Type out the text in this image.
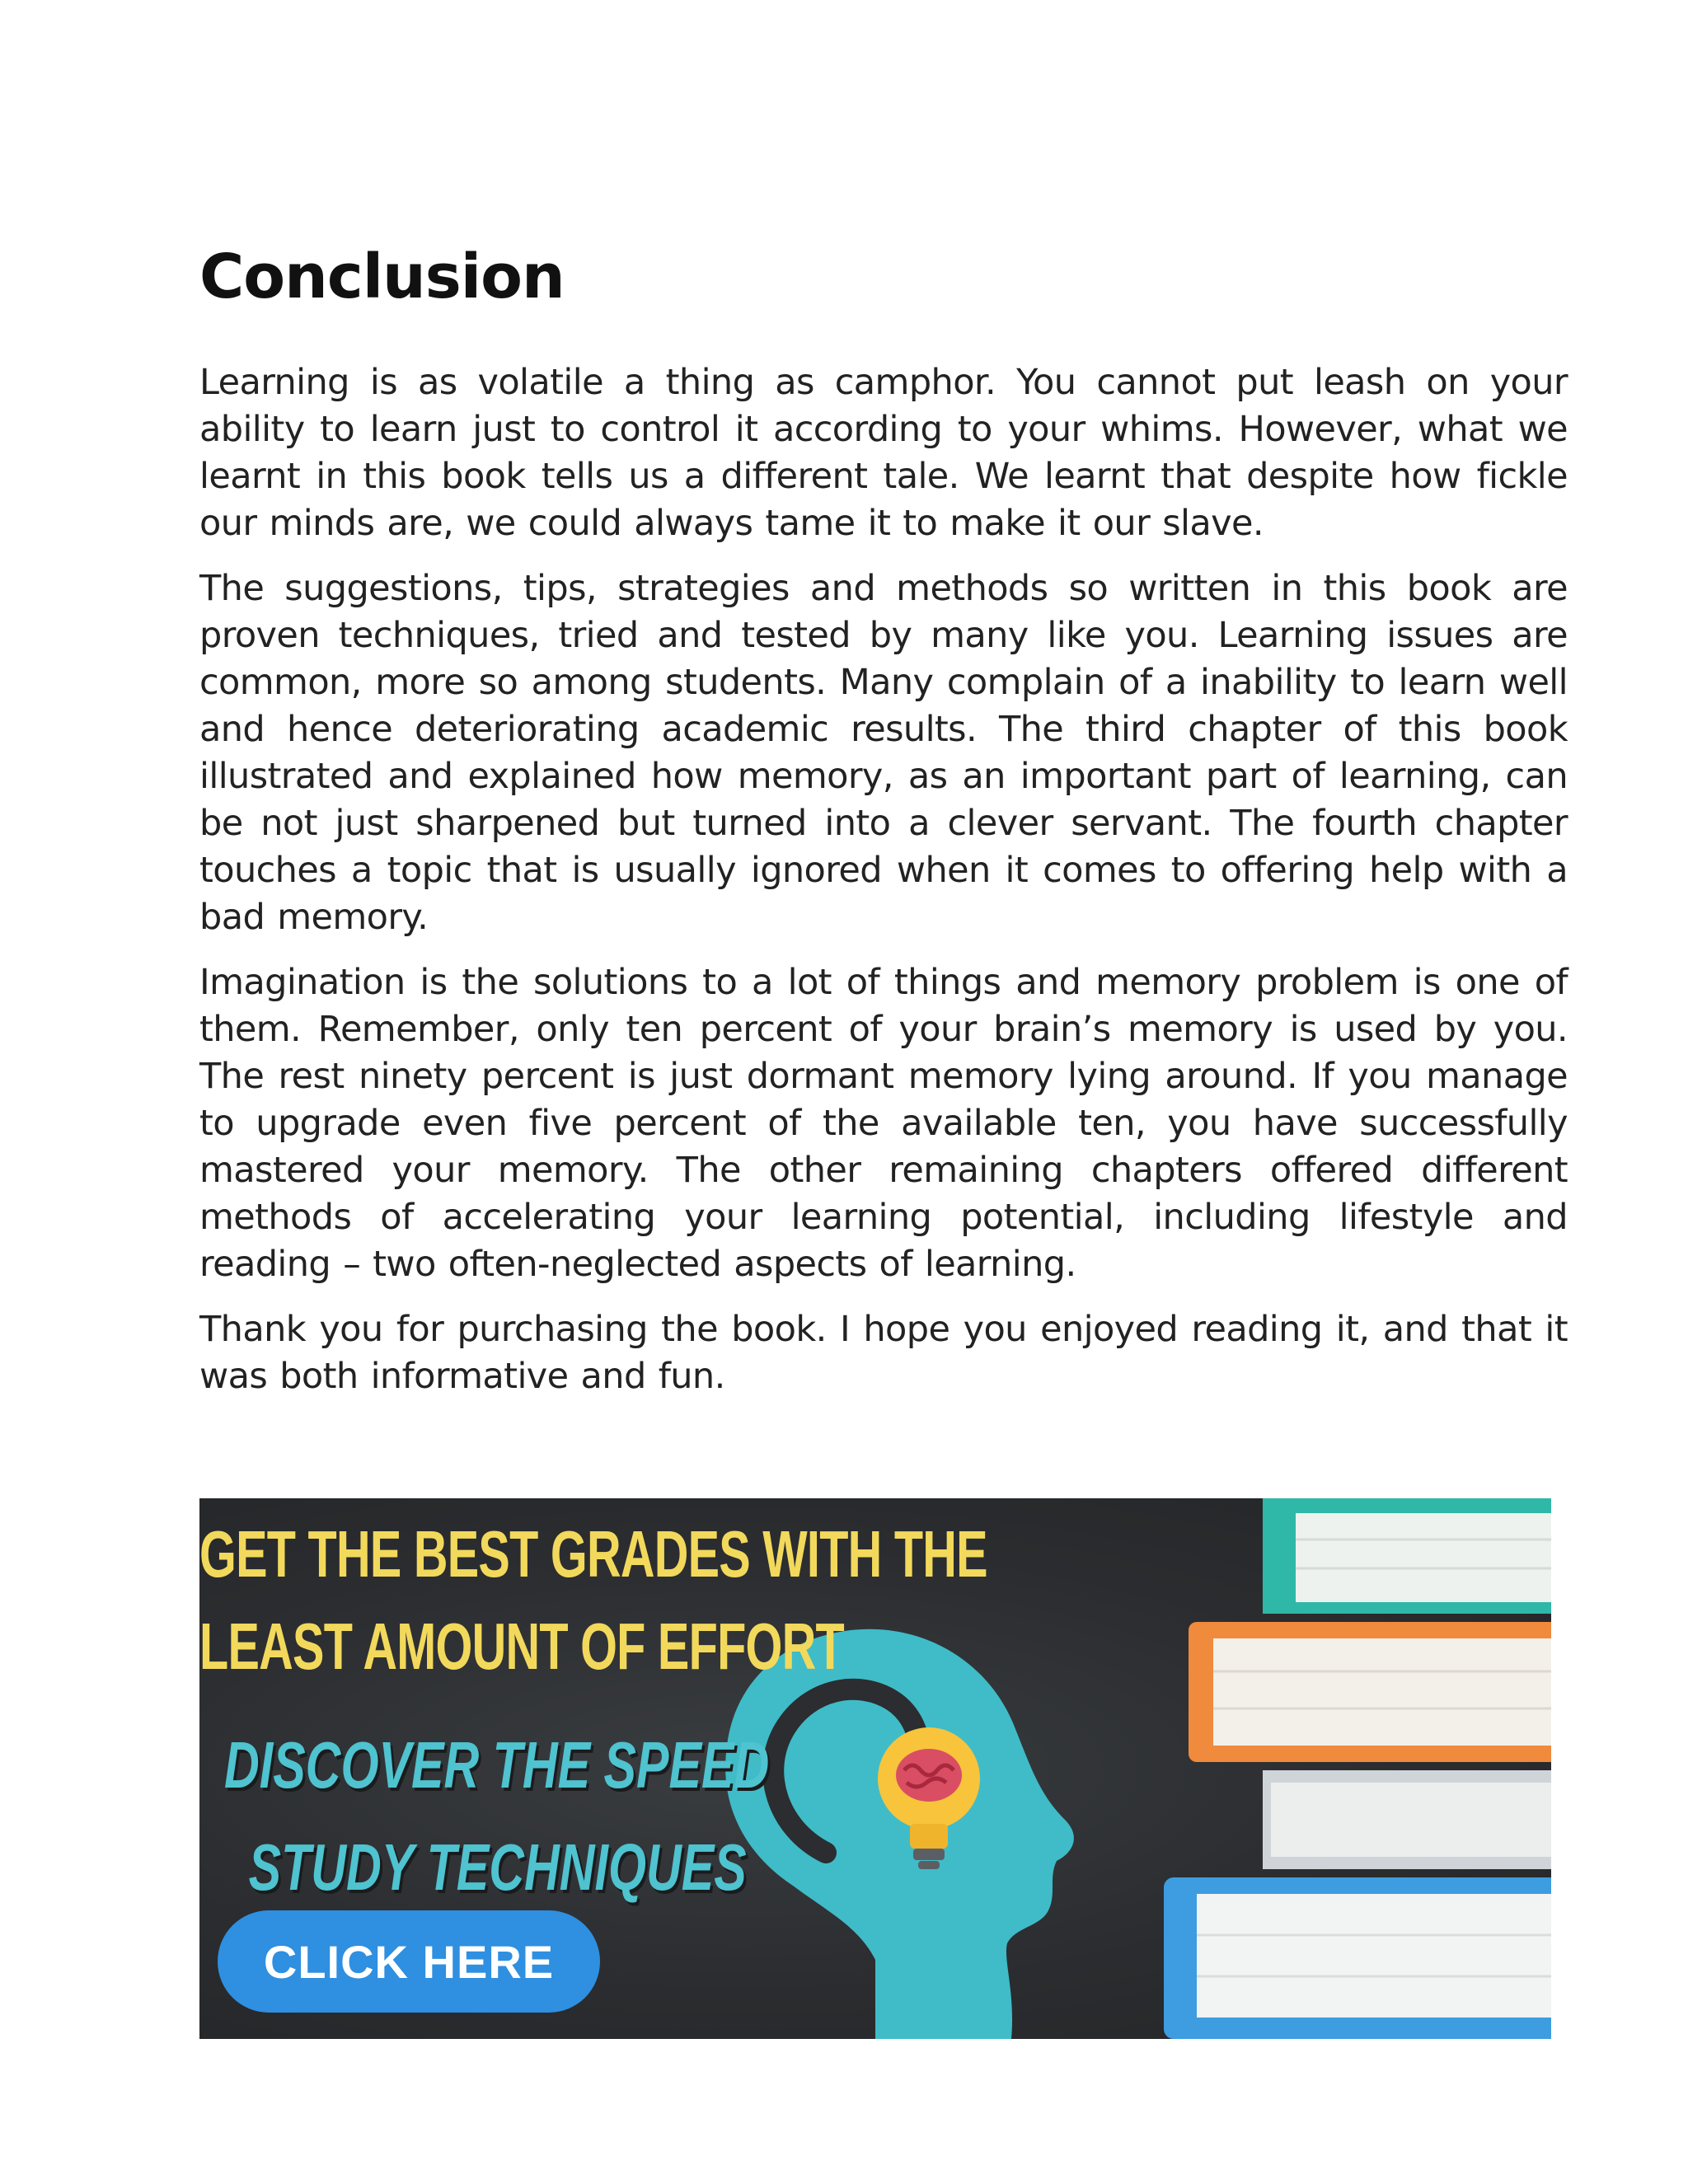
Conclusion

Learning is as volatile a thing as camphor. You cannot put leash on your ability to learn just to control it according to your whims. However, what we learnt in this book tells us a different tale. We learnt that despite how fickle our minds are, we could always tame it to make it our slave.

The suggestions, tips, strategies and methods so written in this book are proven techniques, tried and tested by many like you. Learning issues are common, more so among students. Many complain of a inability to learn well and hence deteriorating academic results. The third chapter of this book illustrated and explained how memory, as an important part of learning, can be not just sharpened but turned into a clever servant. The fourth chapter touches a topic that is usually ignored when it comes to offering help with a bad memory.

Imagination is the solutions to a lot of things and memory problem is one of them. Remember, only ten percent of your brain’s memory is used by you. The rest ninety percent is just dormant memory lying around. If you manage to upgrade even five percent of the available ten, you have successfully mastered your memory. The other remaining chapters offered different methods of accelerating your learning potential, including lifestyle and reading – two often-neglected aspects of learning.

Thank you for purchasing the book. I hope you enjoyed reading it, and that it was both informative and fun.

GET THE BEST GRADES WITH THE
LEAST AMOUNT OF EFFORT
DISCOVER THE SPEED
STUDY TECHNIQUES
CLICK HERE
